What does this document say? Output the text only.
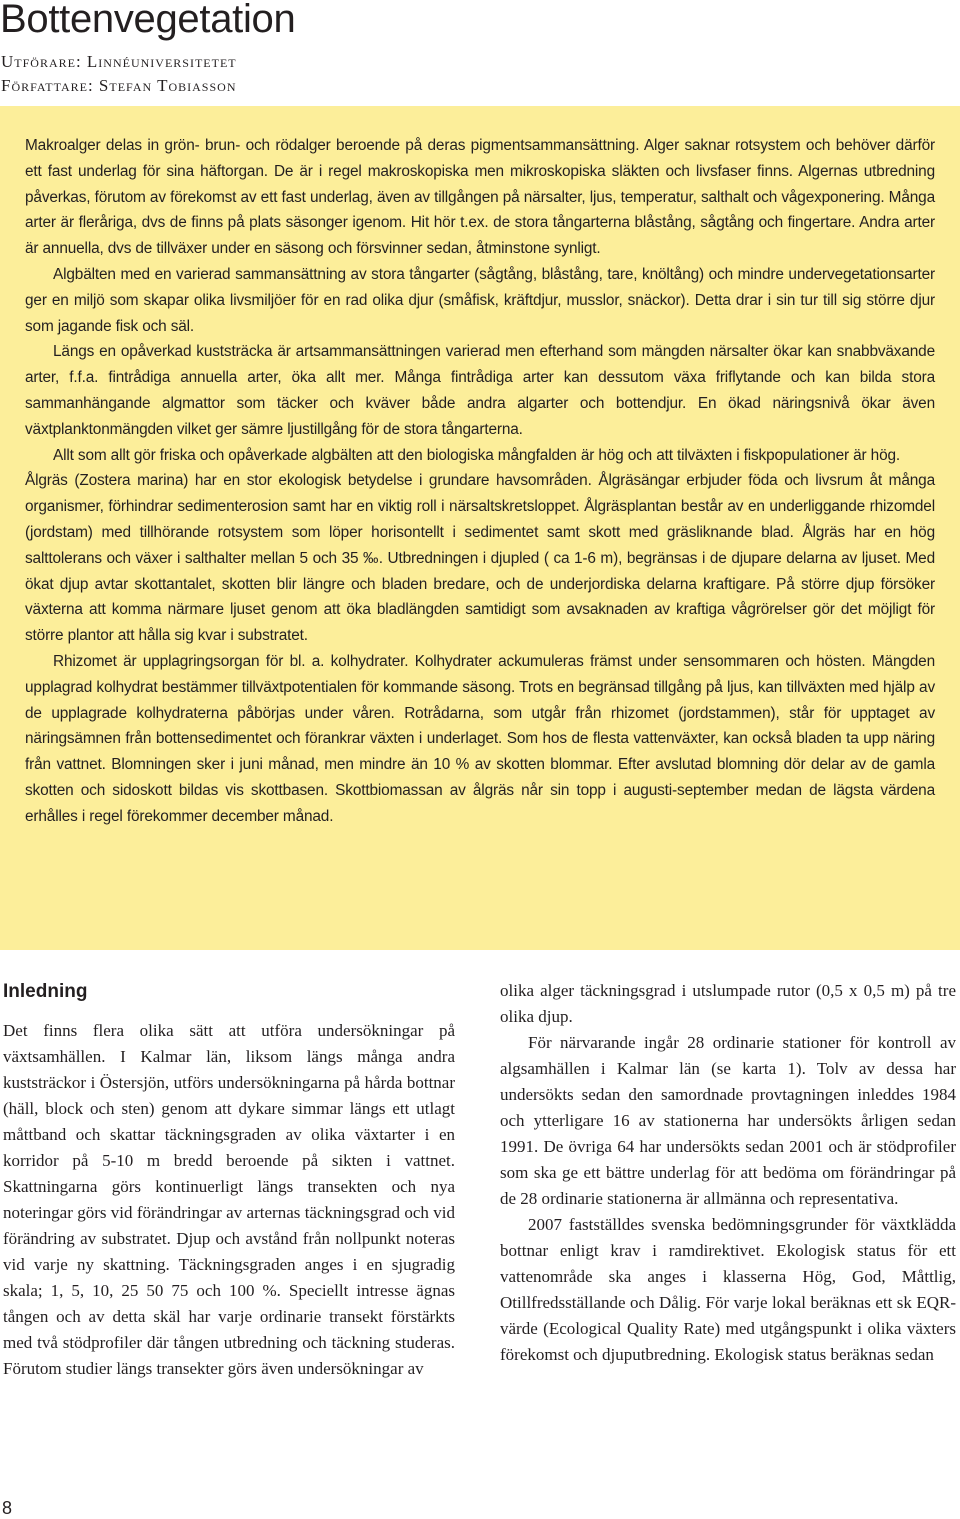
Bottenvegetation
Utförare: Linnéuniversitetet
Författare: Stefan Tobiasson

Makroalger delas in grön- brun- och rödalger beroende på deras pigmentsammansättning. Alger saknar rotsystem och behöver därför ett fast underlag för sina häftorgan. De är i regel makroskopiska men mikroskopiska släkten och livsfaser finns. Algernas utbredning påverkas, förutom av förekomst av ett fast underlag, även av tillgången på närsalter, ljus, temperatur, salthalt och vågexponering. Många arter är fleråriga, dvs de finns på plats säsonger igenom. Hit hör t.ex. de stora tångarterna blåstång, sågtång och fingertare. Andra arter är annuella, dvs de tillväxer under en säsong och försvinner sedan, åtminstone synligt.

Algbälten med en varierad sammansättning av stora tångarter (sågtång, blåstång, tare, knöltång) och mindre undervegetationsarter ger en miljö som skapar olika livsmiljöer för en rad olika djur (småfisk, kräftdjur, musslor, snäckor). Detta drar i sin tur till sig större djur som jagande fisk och säl.

Längs en opåverkad kuststräcka är artsammansättningen varierad men efterhand som mängden närsalter ökar kan snabbväxande arter, f.f.a. fintrådiga annuella arter, öka allt mer. Många fintrådiga arter kan dessutom växa friflytande och kan bilda stora sammanhängande algmattor som täcker och kväver både andra algarter och bottendjur. En ökad näringsnivå ökar även växtplanktonmängden vilket ger sämre ljustillgång för de stora tångarterna.

Allt som allt gör friska och opåverkade algbälten att den biologiska mångfalden är hög och att tilväxten i fiskpopulationer är hög.

Ålgräs (Zostera marina) har en stor ekologisk betydelse i grundare havsområden. Ålgräsängar erbjuder föda och livsrum åt många organismer, förhindrar sedimenterosion samt har en viktig roll i närsaltskretsloppet. Ålgräsplantan består av en underliggande rhizomdel (jordstam) med tillhörande rotsystem som löper horisontellt i sedimentet samt skott med gräsliknande blad. Ålgräs har en hög salttolerans och växer i salthalter mellan 5 och 35 ‰. Utbredningen i djupled ( ca 1-6 m), begränsas i de djupare delarna av ljuset. Med ökat djup avtar skottantalet, skotten blir längre och bladen bredare, och de underjordiska delarna kraftigare. På större djup försöker växterna att komma närmare ljuset genom att öka bladlängden samtidigt som avsaknaden av kraftiga vågrörelser gör det möjligt för större plantor att hålla sig kvar i substratet.

Rhizomet är upplagringsorgan för bl. a. kolhydrater. Kolhydrater ackumuleras främst under sensommaren och hösten. Mängden upplagrad kolhydrat bestämmer tillväxtpotentialen för kommande säsong. Trots en begränsad tillgång på ljus, kan tillväxten med hjälp av de upplagrade kolhydraterna påbörjas under våren. Rotrådarna, som utgår från rhizomet (jordstammen), står för upptaget av näringsämnen från bottensedimentet och förankrar växten i underlaget. Som hos de flesta vattenväxter, kan också bladen ta upp näring från vattnet. Blomningen sker i juni månad, men mindre än 10 % av skotten blommar. Efter avslutad blomning dör delar av de gamla skotten och sidoskott bildas vis skottbasen. Skottbiomassan av ålgräs når sin topp i augusti-september medan de lägsta värdena erhålles i regel förekommer december månad.

Inledning

Det finns flera olika sätt att utföra undersökningar på växtsamhällen. I Kalmar län, liksom längs många andra kuststräckor i Östersjön, utförs undersökningarna på hårda bottnar (häll, block och sten) genom att dykare simmar längs ett utlagt måttband och skattar täckningsgraden av olika växtarter i en korridor på 5-10 m bredd beroende på sikten i vattnet. Skattningarna görs kontinuerligt längs transekten och nya noteringar görs vid förändringar av arternas täckningsgrad och vid förändring av substratet. Djup och avstånd från nollpunkt noteras vid varje ny skattning. Täckningsgraden anges i en sjugradig skala; 1, 5, 10, 25 50 75 och 100 %. Speciellt intresse ägnas tången och av detta skäl har varje ordinarie transekt förstärkts med två stödprofiler där tången utbredning och täckning studeras. Förutom studier längs transekter görs även undersökningar av

olika alger täckningsgrad i utslumpade rutor (0,5 x 0,5 m) på tre olika djup.

För närvarande ingår 28 ordinarie stationer för kontroll av algsamhällen i Kalmar län (se karta 1). Tolv av dessa har undersökts sedan den samordnade provtagningen inleddes 1984 och ytterligare 16 av stationerna har undersökts årligen sedan 1991. De övriga 64 har undersökts sedan 2001 och är stödprofiler som ska ge ett bättre underlag för att bedöma om förändringar på de 28 ordinarie stationerna är allmänna och representativa.

2007 fastställdes svenska bedömningsgrunder för växtklädda bottnar enligt krav i ramdirektivet. Ekologisk status för ett vattenområde ska anges i klasserna Hög, God, Måttlig, Otillfredsställande och Dålig. För varje lokal beräknas ett sk EQR-värde (Ecological Quality Rate) med utgångspunkt i olika växters förekomst och djuputbredning. Ekologisk status beräknas sedan

8
